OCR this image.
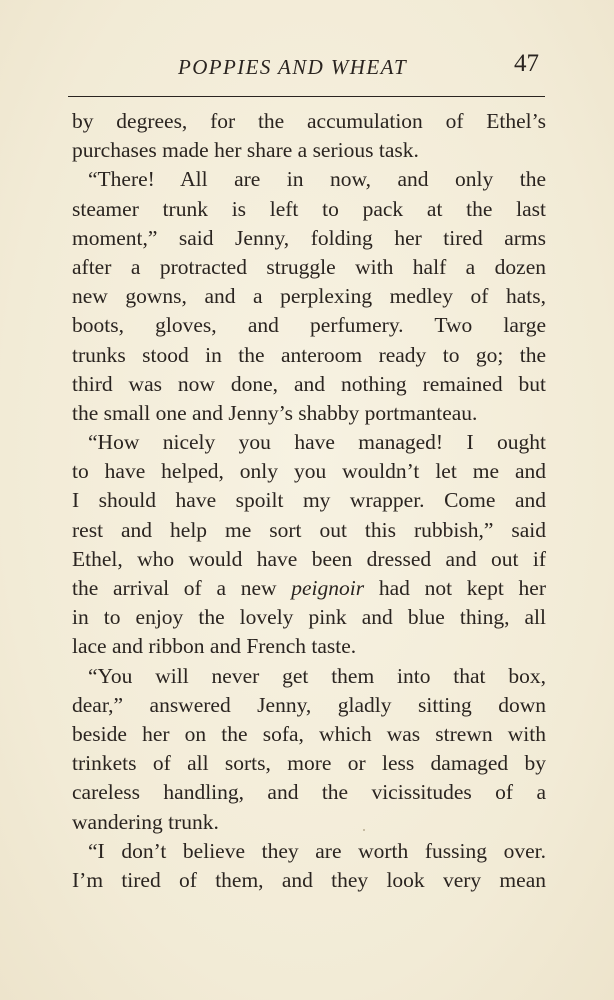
POPPIES AND WHEAT	47
by degrees, for the accumulation of Ethel’s
purchases made her share a serious task.
“There! All are in now, and only the
steamer trunk is left to pack at the last
moment,” said Jenny, folding her tired arms
after a protracted struggle with half a dozen
new gowns, and a perplexing medley of hats,
boots, gloves, and perfumery. Two large
trunks stood in the anteroom ready to go; the
third was now done, and nothing remained but
the small one and Jenny’s shabby portmanteau.
“How nicely you have managed! I ought
to have helped, only you wouldn’t let me and
I should have spoilt my wrapper. Come and
rest and help me sort out this rubbish,” said
Ethel, who would have been dressed and out if
the arrival of a new peignoir had not kept her
in to enjoy the lovely pink and blue thing, all
lace and ribbon and French taste.
“You will never get them into that box,
dear,” answered Jenny, gladly sitting down
beside her on the sofa, which was strewn with
trinkets of all sorts, more or less damaged by
careless handling, and the vicissitudes of a
wandering trunk.
“I don’t believe they are worth fussing over.
I’m tired of them, and they look very mean
